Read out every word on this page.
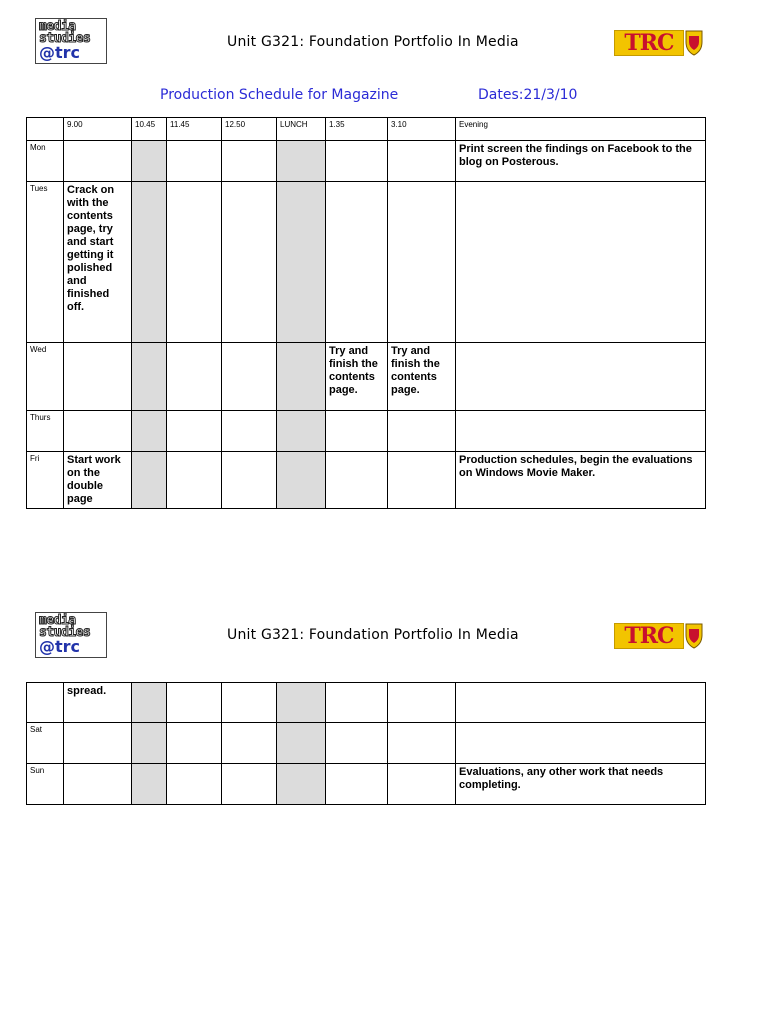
media
studies
@trc
Unit G321: Foundation Portfolio In Media	TRC
Production Schedule for Magazine	Dates:21/3/10
	9.00	10.45	11.45	12.50	LUNCH	1.35	3.10	Evening
Mon								Print screen the findings on Facebook to the blog on Posterous.
Tues	Crack on with the contents page, try and start getting it polished and finished off.							
Wed						Try and finish the contents page.	Try and finish the contents page.	
Thurs								
Fri	Start work on the double page							Production schedules, begin the evaluations on Windows Movie Maker.
media
studies
@trc
Unit G321: Foundation Portfolio In Media	TRC
	spread.							
Sat								
Sun								Evaluations, any other work that needs completing.
